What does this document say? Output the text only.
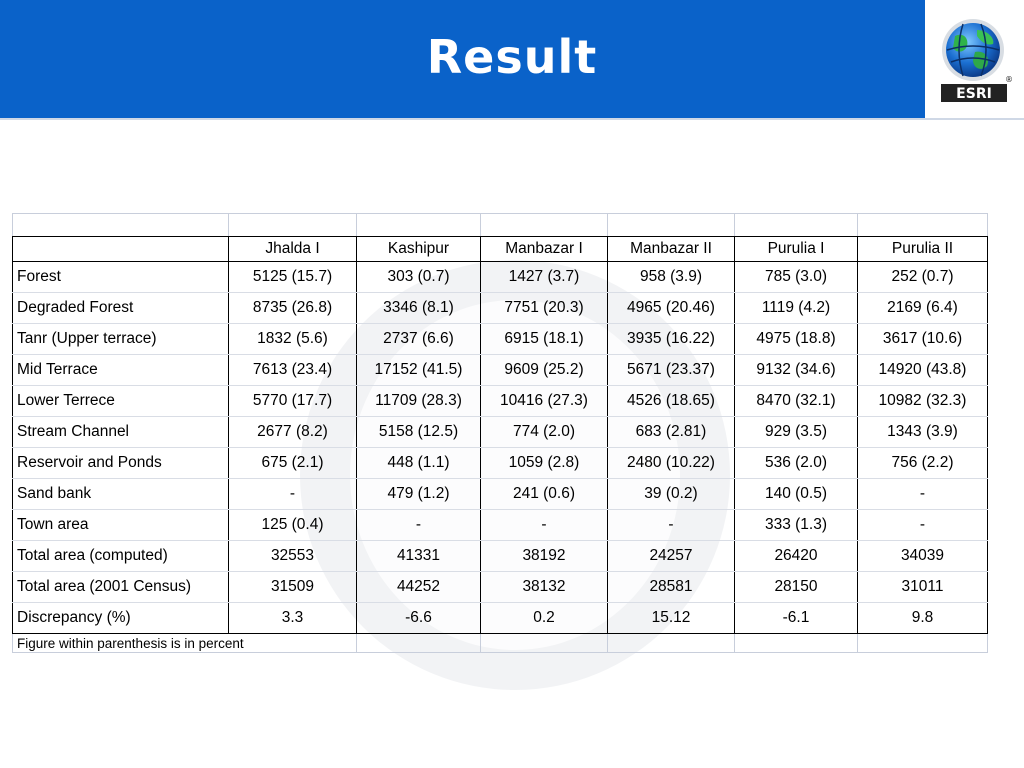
Result
ESRI
®

	Jhalda I	Kashipur	Manbazar I	Manbazar II	Purulia I	Purulia II
Forest	5125 (15.7)	303 (0.7)	1427 (3.7)	958 (3.9)	785 (3.0)	252 (0.7)
Degraded Forest	8735 (26.8)	3346 (8.1)	7751 (20.3)	4965 (20.46)	1119 (4.2)	2169 (6.4)
Tanr (Upper terrace)	1832 (5.6)	2737 (6.6)	6915 (18.1)	3935 (16.22)	4975 (18.8)	3617 (10.6)
Mid Terrace	7613 (23.4)	17152 (41.5)	9609 (25.2)	5671 (23.37)	9132 (34.6)	14920 (43.8)
Lower Terrece	5770 (17.7)	11709 (28.3)	10416 (27.3)	4526 (18.65)	8470 (32.1)	10982 (32.3)
Stream Channel	2677 (8.2)	5158 (12.5)	774 (2.0)	683 (2.81)	929 (3.5)	1343 (3.9)
Reservoir and Ponds	675 (2.1)	448 (1.1)	1059 (2.8)	2480 (10.22)	536 (2.0)	756 (2.2)
Sand bank	-	479 (1.2)	241 (0.6)	39 (0.2)	140 (0.5)	-
Town area	125 (0.4)	-	-	-	333 (1.3)	-
Total area (computed)	32553	41331	38192	24257	26420	34039
Total area (2001 Census)	31509	44252	38132	28581	28150	31011
Discrepancy (%)	3.3	-6.6	0.2	15.12	-6.1	9.8
Figure within parenthesis is in percent						
